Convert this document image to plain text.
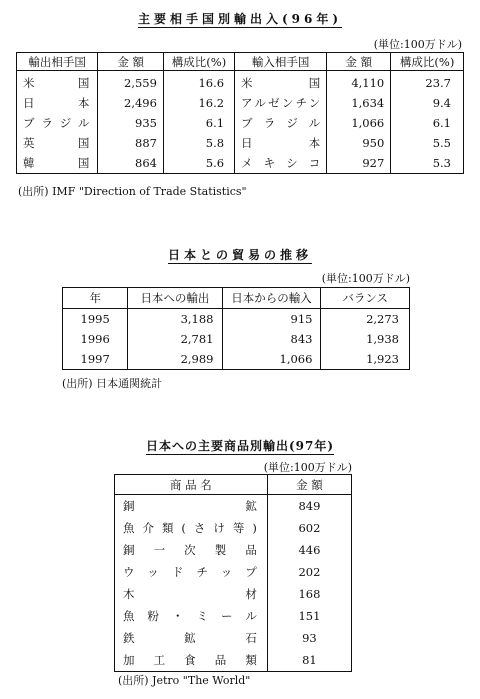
主要相手国別輸出入(96年)
(単位:100万ドル)
輸出相手国	金 額	構成比(%)	輸入相手国	金 額	構成比(%)
米国	2,559	16.6	米国	4,110	23.7
日本	2,496	16.2	アルゼンチン	1,634	9.4
ブラジル	935	6.1	ブラジル	1,066	6.1
英国	887	5.8	日本	950	5.5
韓国	864	5.6	メキシコ	927	5.3
(出所) IMF "Direction of Trade Statistics"
日本との貿易の推移
(単位:100万ドル)
年	日本への輸出	日本からの輸入	バランス
1995	3,188	915	2,273
1996	2,781	843	1,938
1997	2,989	1,066	1,923
(出所) 日本通関統計
日本への主要商品別輸出(97年)
(単位:100万ドル)
商 品 名	金 額
銅鉱	849
魚介類(さけ等)	602
銅一次製品	446
ウッドチップ	202
木材	168
魚粉・ミール	151
鉄鉱石	93
加工食品類	81
(出所) Jetro "The World"
